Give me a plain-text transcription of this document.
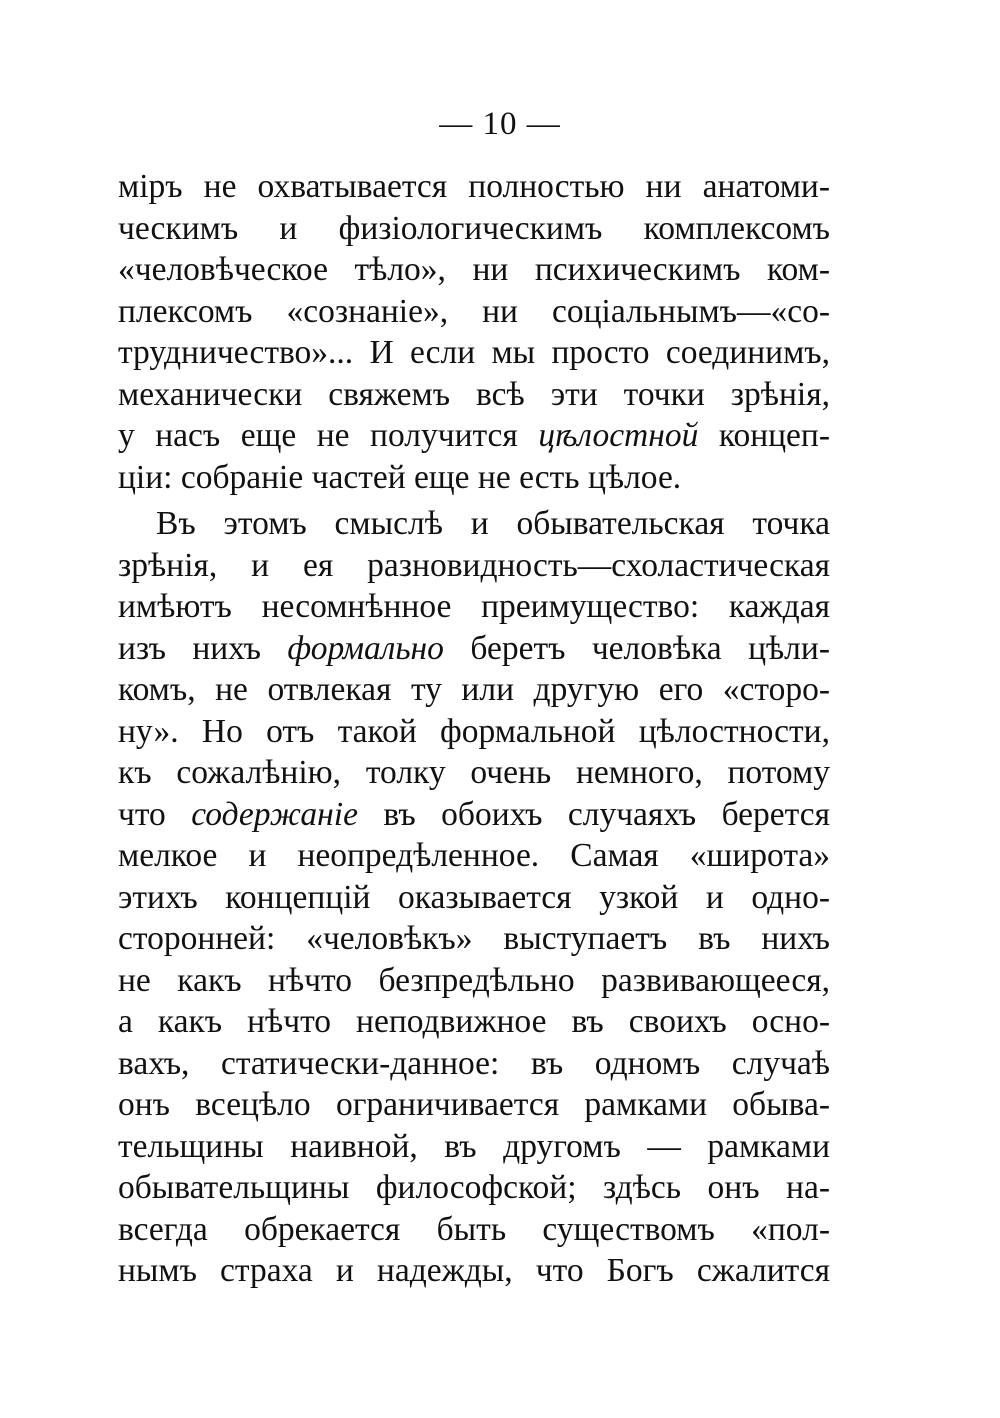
— 10 —
міръ не охватывается полностью ни анатоми-
ческимъ и физіологическимъ комплексомъ
«человѣческое тѣло», ни психическимъ ком-
плексомъ «сознаніе», ни соціальнымъ—«со-
трудничество»... И если мы просто соединимъ,
механически свяжемъ всѣ эти точки зрѣнія,
у насъ еще не получится цѣлостной концеп-
ціи: собраніе частей еще не есть цѣлое.
Въ этомъ смыслѣ и обывательская точка
зрѣнія, и ея разновидность—схоластическая
имѣютъ несомнѣнное преимущество: каждая
изъ нихъ формально беретъ человѣка цѣли-
комъ, не отвлекая ту или другую его «сторо-
ну». Но отъ такой формальной цѣлостности,
къ сожалѣнію, толку очень немного, потому
что содержаніе въ обоихъ случаяхъ берется
мелкое и неопредѣленное. Самая «широта»
этихъ концепцій оказывается узкой и одно-
сторонней: «человѣкъ» выступаетъ въ нихъ
не какъ нѣчто безпредѣльно развивающееся,
а какъ нѣчто неподвижное въ своихъ осно-
вахъ, статически-данное: въ одномъ случаѣ
онъ всецѣло ограничивается рамками обыва-
тельщины наивной, въ другомъ — рамками
обывательщины философской; здѣсь онъ на-
всегда обрекается быть существомъ «пол-
нымъ страха и надежды, что Богъ сжалится
